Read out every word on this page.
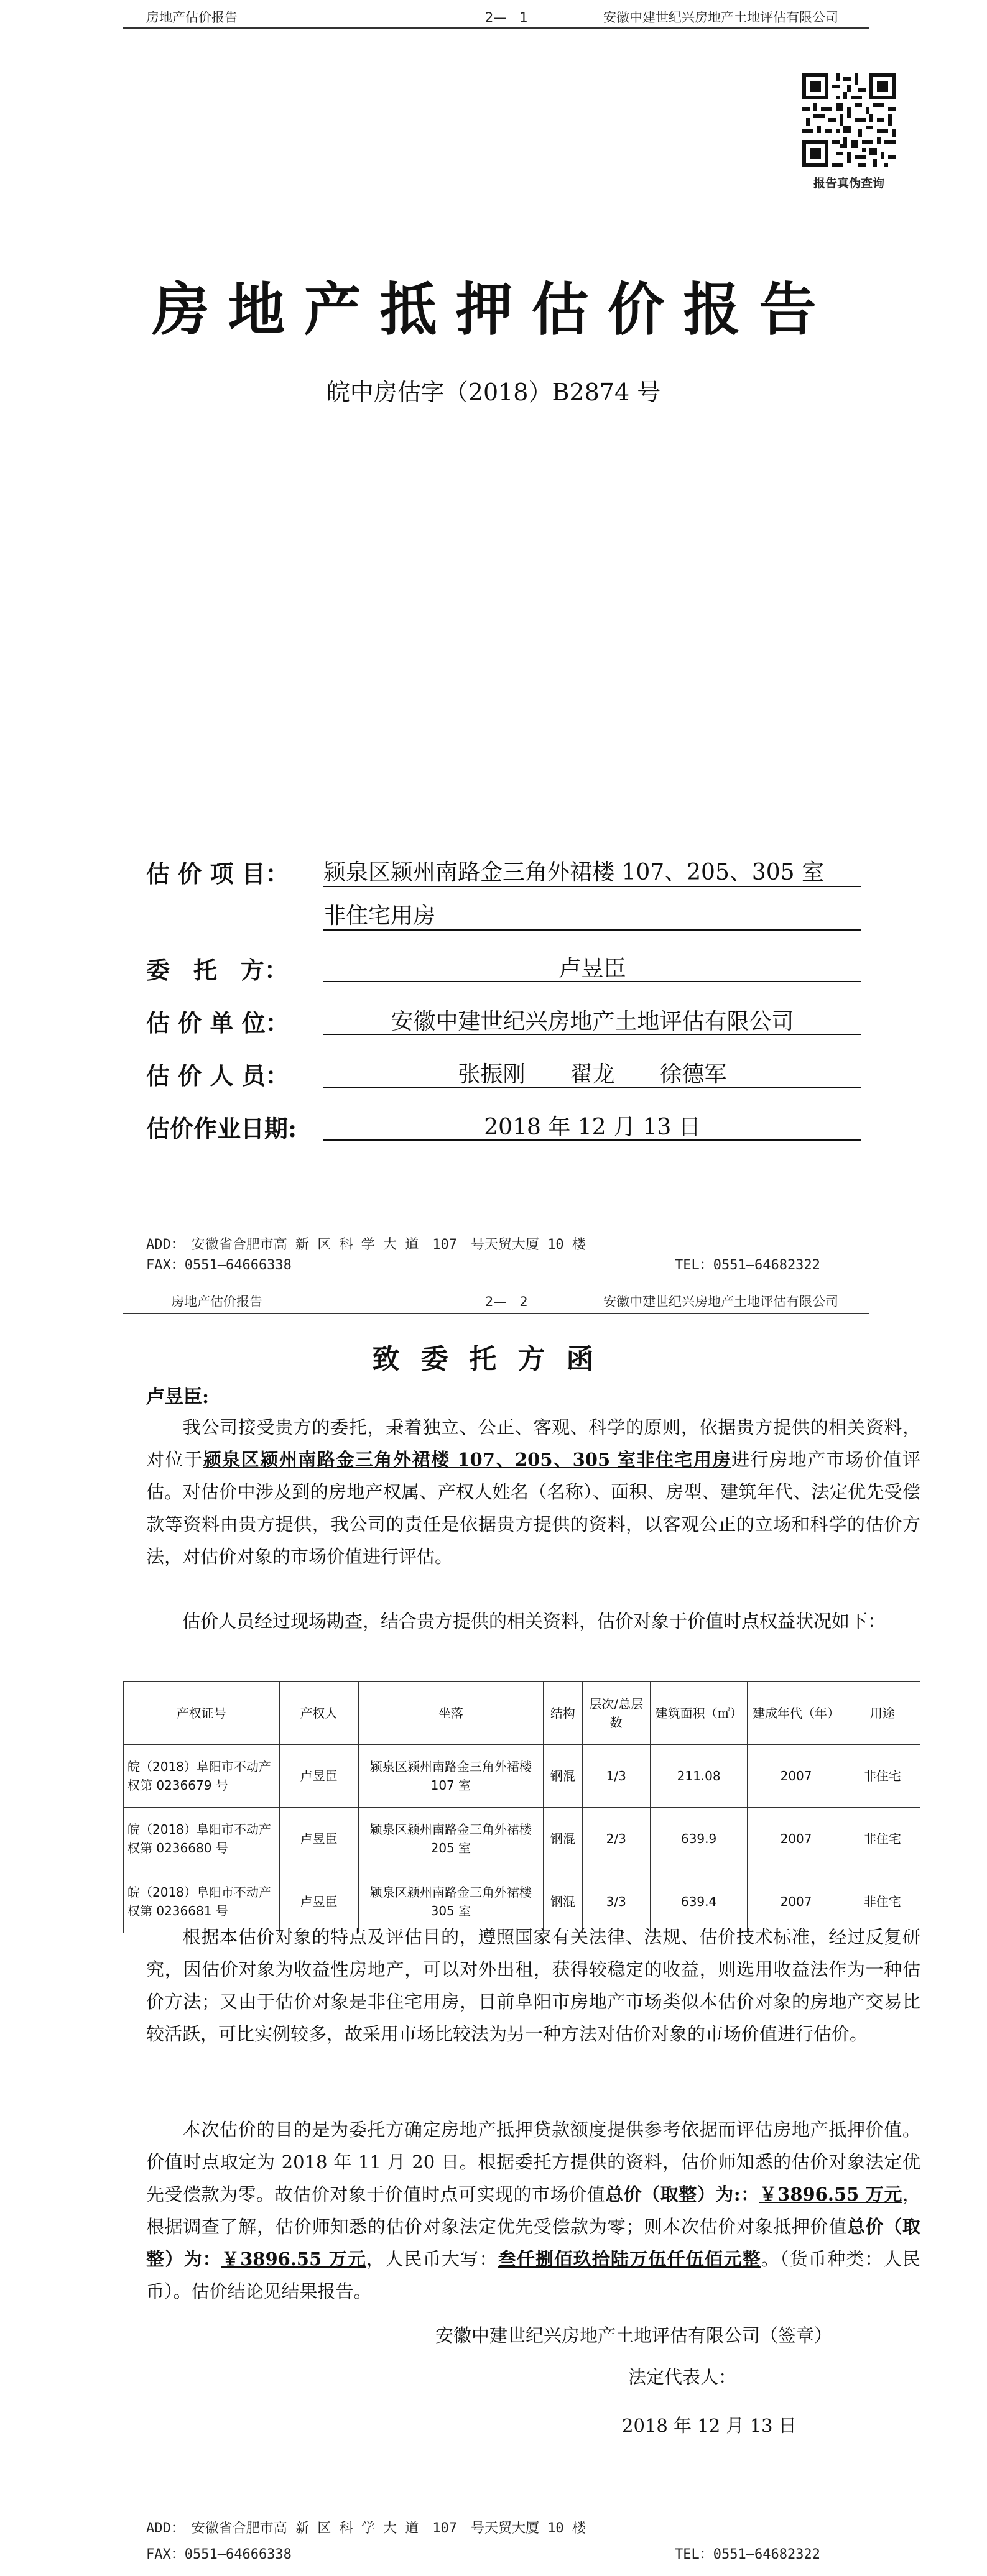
房地产估价报告	2—　1	安徽中建世纪兴房地产土地评估有限公司
报告真伪查询
房地产抵押估价报告
皖中房估字（2018）B2874 号
估 价 项 目： 颍泉区颍州南路金三角外裙楼 107、205、305 室
非住宅用房
委　托　方：	卢昱臣
估 价 单 位：	安徽中建世纪兴房地产土地评估有限公司
估 价 人 员：	张振刚　　翟龙　　徐德军
估价作业日期:	2018 年 12 月 13 日
ADD：　安徽省合肥市高 新 区 科 学 大 道　107　号天贸大厦 10 楼
FAX：0551—64666338	TEL：0551—64682322
房地产估价报告	2—　2	安徽中建世纪兴房地产土地评估有限公司
致委托方函
卢昱臣:
我公司接受贵方的委托，秉着独立、公正、客观、科学的原则，依据贵方提供的相关资料，对位于颍泉区颍州南路金三角外裙楼 107、205、305 室非住宅用房进行房地产市场价值评估。对估价中涉及到的房地产权属、产权人姓名（名称）、面积、房型、建筑年代、法定优先受偿款等资料由贵方提供，我公司的责任是依据贵方提供的资料，以客观公正的立场和科学的估价方法，对估价对象的市场价值进行评估。
估价人员经过现场勘查，结合贵方提供的相关资料，估价对象于价值时点权益状况如下：
产权证号	产权人	坐落	结构	层次/总层数	建筑面积（㎡）	建成年代（年）	用途
皖（2018）阜阳市不动产权第 0236679 号	卢昱臣	颍泉区颍州南路金三角外裙楼 107 室	钢混	1/3	211.08	2007	非住宅
皖（2018）阜阳市不动产权第 0236680 号	卢昱臣	颍泉区颍州南路金三角外裙楼 205 室	钢混	2/3	639.9	2007	非住宅
皖（2018）阜阳市不动产权第 0236681 号	卢昱臣	颍泉区颍州南路金三角外裙楼 305 室	钢混	3/3	639.4	2007	非住宅
根据本估价对象的特点及评估目的，遵照国家有关法律、法规、估价技术标准，经过反复研究，因估价对象为收益性房地产，可以对外出租，获得较稳定的收益，则选用收益法作为一种估价方法；又由于估价对象是非住宅用房，目前阜阳市房地产市场类似本估价对象的房地产交易比较活跃，可比实例较多，故采用市场比较法为另一种方法对估价对象的市场价值进行估价。
本次估价的目的是为委托方确定房地产抵押贷款额度提供参考依据而评估房地产抵押价值。价值时点取定为 2018 年 11 月 20 日。根据委托方提供的资料，估价师知悉的估价对象法定优先受偿款为零。故估价对象于价值时点可实现的市场价值总价（取整）为:：￥3896.55 万元，根据调查了解，估价师知悉的估价对象法定优先受偿款为零；则本次估价对象抵押价值总价（取整）为：￥3896.55 万元，人民币大写：叁仟捌佰玖拾陆万伍仟伍佰元整。（货币种类：人民币）。估价结论见结果报告。
安徽中建世纪兴房地产土地评估有限公司（签章）
法定代表人：
2018 年 12 月 13 日
ADD：　安徽省合肥市高 新 区 科 学 大 道　107　号天贸大厦 10 楼
FAX：0551—64666338	TEL：0551—64682322
